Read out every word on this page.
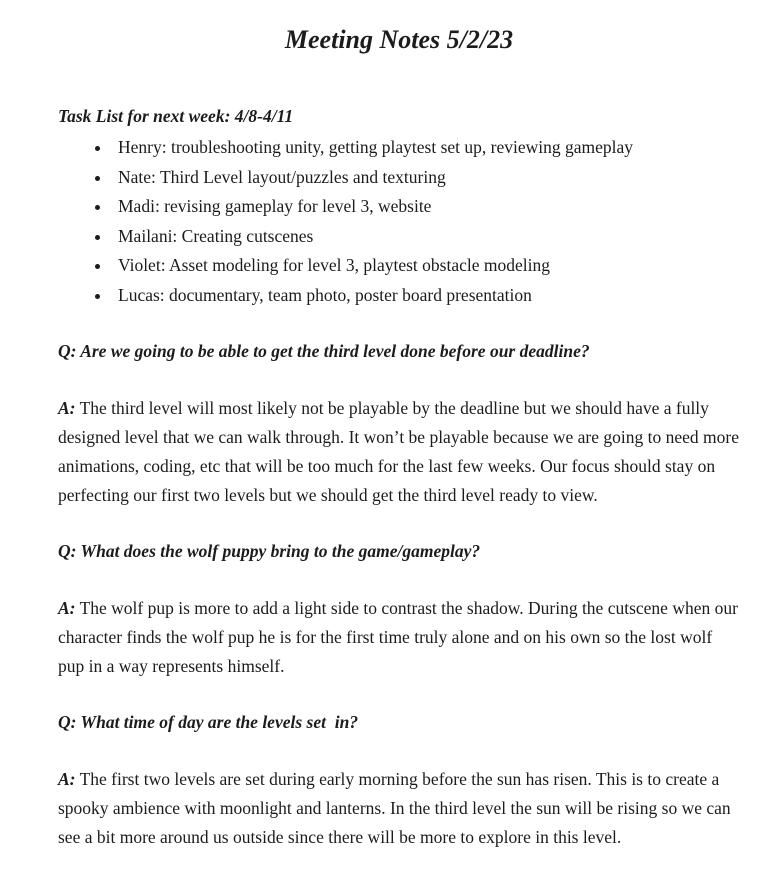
Meeting Notes 5/2/23

Task List for next week: 4/8-4/11

• Henry: troubleshooting unity, getting playtest set up, reviewing gameplay
• Nate: Third Level layout/puzzles and texturing
• Madi: revising gameplay for level 3, website
• Mailani: Creating cutscenes
• Violet: Asset modeling for level 3, playtest obstacle modeling
• Lucas: documentary, team photo, poster board presentation

Q: Are we going to be able to get the third level done before our deadline?

A: The third level will most likely not be playable by the deadline but we should have a fully designed level that we can walk through. It won’t be playable because we are going to need more animations, coding, etc that will be too much for the last few weeks. Our focus should stay on perfecting our first two levels but we should get the third level ready to view.

Q: What does the wolf puppy bring to the game/gameplay?

A: The wolf pup is more to add a light side to contrast the shadow. During the cutscene when our character finds the wolf pup he is for the first time truly alone and on his own so the lost wolf pup in a way represents himself.

Q: What time of day are the levels set  in?

A: The first two levels are set during early morning before the sun has risen. This is to create a spooky ambience with moonlight and lanterns. In the third level the sun will be rising so we can see a bit more around us outside since there will be more to explore in this level.
